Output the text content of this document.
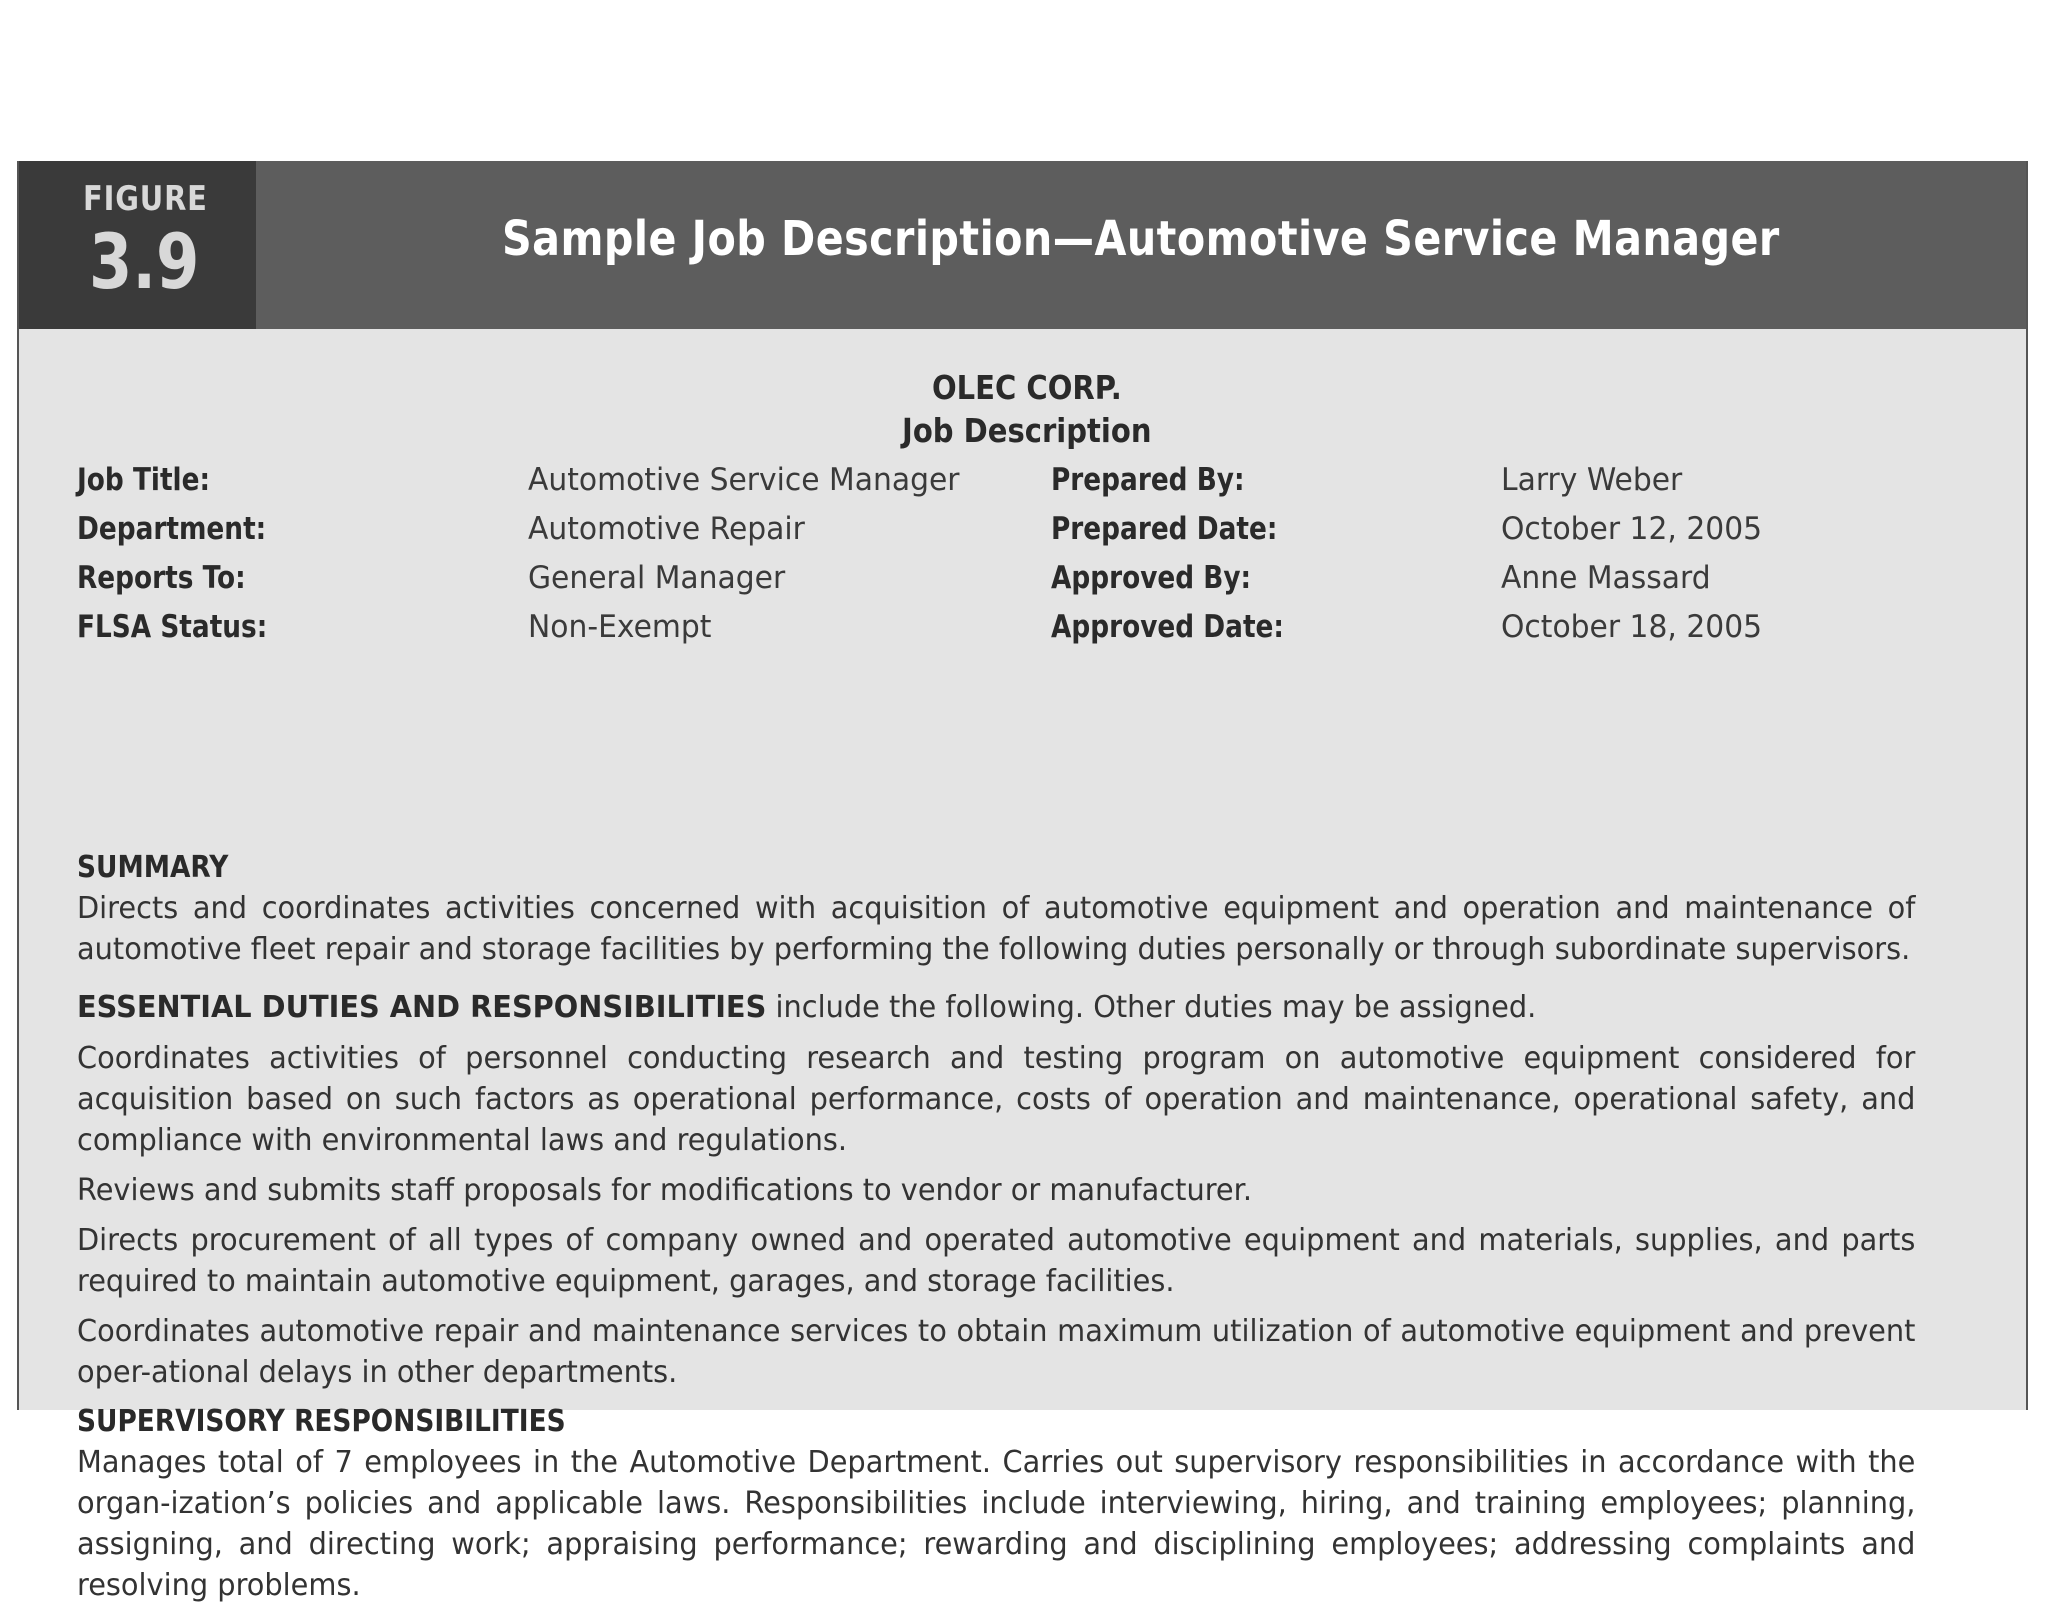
FIGURE
3.9	Sample Job Description—Automotive Service Manager
OLEC CORP.
Job Description
Job Title:	Automotive Service Manager	Prepared By:	Larry Weber
Department:	Automotive Repair	Prepared Date:	October 12, 2005
Reports To:	General Manager	Approved By:	Anne Massard
FLSA Status:	Non-Exempt	Approved Date:	October 18, 2005
SUMMARY
Directs and coordinates activities concerned with acquisition of automotive equipment and operation and maintenance of automotive fleet repair and storage facilities by performing the following duties personally or through subordinate supervisors.
ESSENTIAL DUTIES AND RESPONSIBILITIES include the following. Other duties may be assigned.
Coordinates activities of personnel conducting research and testing program on automotive equipment considered for acquisition based on such factors as operational performance, costs of operation and maintenance, operational safety, and compliance with environmental laws and regulations.
Reviews and submits staff proposals for modifications to vendor or manufacturer.
Directs procurement of all types of company owned and operated automotive equipment and materials, supplies, and parts required to maintain automotive equipment, garages, and storage facilities.
Coordinates automotive repair and maintenance services to obtain maximum utilization of automotive equipment and prevent oper-ational delays in other departments.
SUPERVISORY RESPONSIBILITIES
Manages total of 7 employees in the Automotive Department. Carries out supervisory responsibilities in accordance with the organ-ization’s policies and applicable laws. Responsibilities include interviewing, hiring, and training employees; planning, assigning, and directing work; appraising performance; rewarding and disciplining employees; addressing complaints and resolving problems.
